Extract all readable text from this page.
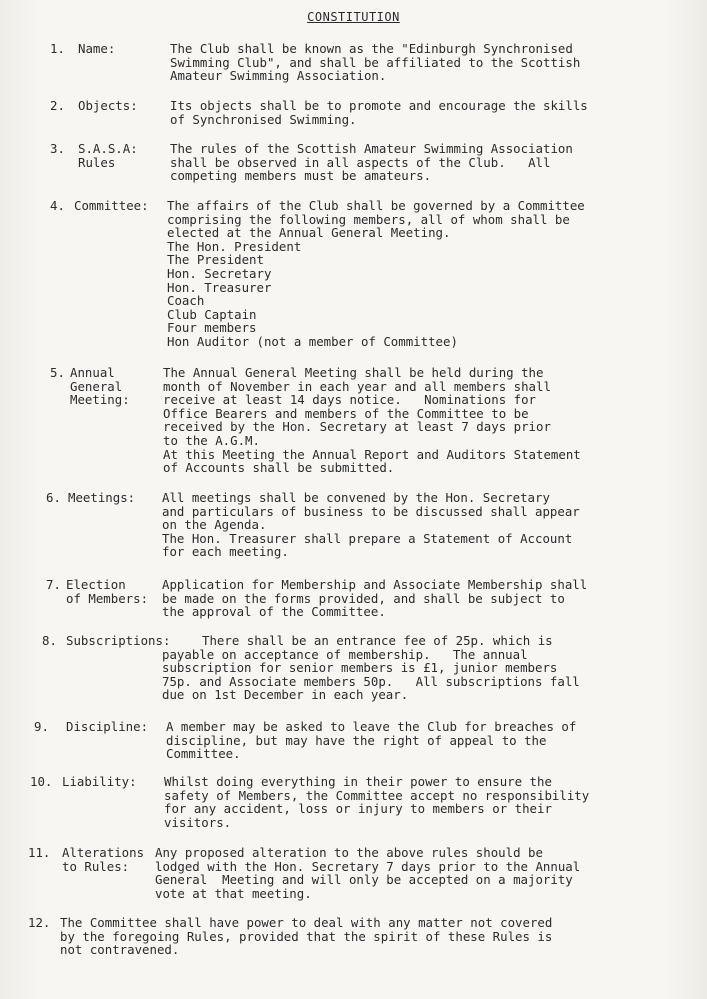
CONSTITUTION
1. Name:	The Club shall be known as the "Edinburgh Synchronised
Swimming Club", and shall be affiliated to the Scottish
Amateur Swimming Association.
2. Objects:	Its objects shall be to promote and encourage the skills
of Synchronised Swimming.
3. S.A.S.A:
Rules
The rules of the Scottish Amateur Swimming Association
shall be observed in all aspects of the Club.   All
competing members must be amateurs.
4. Committee: The affairs of the Club shall be governed by a Committee
comprising the following members, all of whom shall be
elected at the Annual General Meeting.
The Hon. President
The President
Hon. Secretary
Hon. Treasurer
Coach
Club Captain
Four members
Hon Auditor (not a member of Committee)
5. Annual
General
Meeting:
The Annual General Meeting shall be held during the
month of November in each year and all members shall
receive at least 14 days notice.   Nominations for
Office Bearers and members of the Committee to be
received by the Hon. Secretary at least 7 days prior
to the A.G.M.
At this Meeting the Annual Report and Auditors Statement
of Accounts shall be submitted.
6. Meetings: All meetings shall be convened by the Hon. Secretary
and particulars of business to be discussed shall appear
on the Agenda.
The Hon. Treasurer shall prepare a Statement of Account
for each meeting.
7. Election
of Members:
Application for Membership and Associate Membership shall
be made on the forms provided, and shall be subject to
the approval of the Committee.
8. Subscriptions:	There shall be an entrance fee of 25p. which is
payable on acceptance of membership.   The annual
subscription for senior members is £1, junior members
75p. and Associate members 50p.   All subscriptions fall
due on 1st December in each year.
9. Discipline: A member may be asked to leave the Club for breaches of
discipline, but may have the right of appeal to the
Committee.
10. Liability: Whilst doing everything in their power to ensure the
safety of Members, the Committee accept no responsibility
for any accident, loss or injury to members or their
visitors.
11. Alterations
to Rules:
Any proposed alteration to the above rules should be
lodged with the Hon. Secretary 7 days prior to the Annual
General  Meeting and will only be accepted on a majority
vote at that meeting.
12. The Committee shall have power to deal with any matter not covered
by the foregoing Rules, provided that the spirit of these Rules is
not contravened.
